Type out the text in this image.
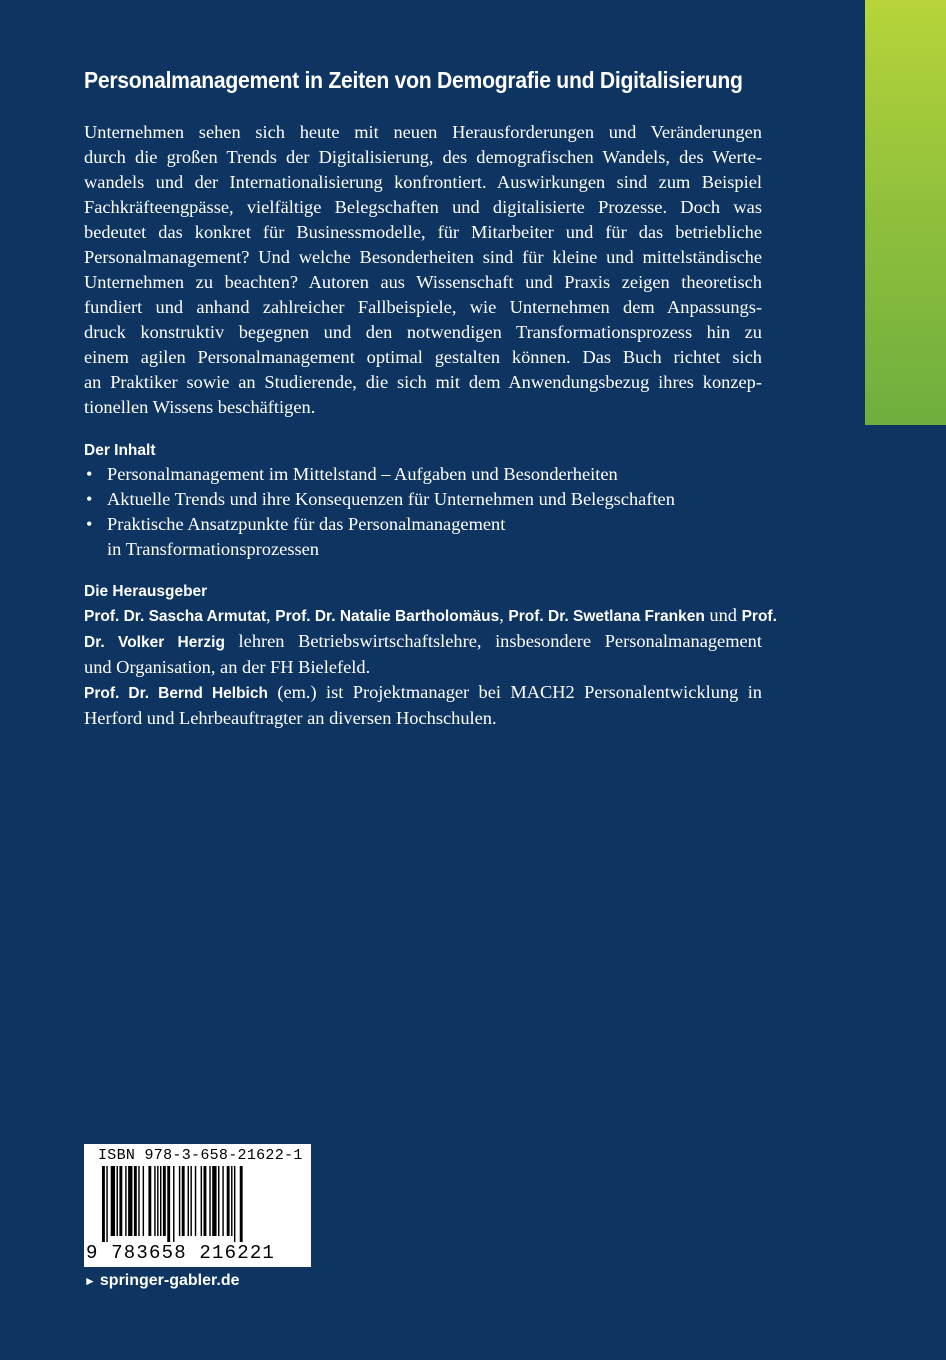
Personalmanagement in Zeiten von Demografie und Digitalisierung

Unternehmen sehen sich heute mit neuen Herausforderungen und Veränderungen
durch die großen Trends der Digitalisierung, des demografischen Wandels, des Werte-
wandels und der Internationalisierung konfrontiert. Auswirkungen sind zum Beispiel
Fachkräfteengpässe, vielfältige Belegschaften und digitalisierte Prozesse. Doch was
bedeutet das konkret für Businessmodelle, für Mitarbeiter und für das betriebliche
Personalmanagement? Und welche Besonderheiten sind für kleine und mittelständische
Unternehmen zu beachten? Autoren aus Wissenschaft und Praxis zeigen theoretisch
fundiert und anhand zahlreicher Fallbeispiele, wie Unternehmen dem Anpassungs-
druck konstruktiv begegnen und den notwendigen Transformationsprozess hin zu
einem agilen Personalmanagement optimal gestalten können. Das Buch richtet sich
an Praktiker sowie an Studierende, die sich mit dem Anwendungsbezug ihres konzep-
tionellen Wissens beschäftigen.

Der Inhalt
• Personalmanagement im Mittelstand – Aufgaben und Besonderheiten
• Aktuelle Trends und ihre Konsequenzen für Unternehmen und Belegschaften
• Praktische Ansatzpunkte für das Personalmanagement
in Transformationsprozessen
Die Herausgeber

Prof. Dr. Sascha Armutat, Prof. Dr. Natalie Bartholomäus, Prof. Dr. Swetlana Franken und Prof.
Dr. Volker Herzig lehren Betriebswirtschaftslehre, insbesondere Personalmanagement
und Organisation, an der FH Bielefeld.
Prof. Dr. Bernd Helbich (em.) ist Projektmanager bei MACH2 Personalentwicklung in
Herford und Lehrbeauftragter an diversen Hochschulen.

ISBN 978-3-658-21622-1
9 783658 216221
► springer-gabler.de
